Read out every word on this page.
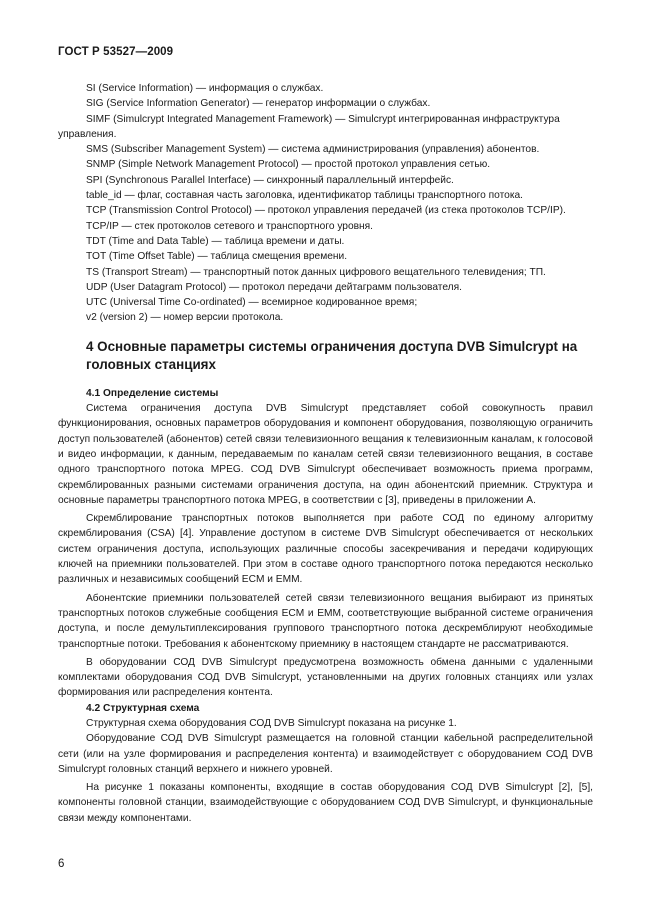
ГОСТ Р 53527—2009

SI (Service Information) — информация о службах.

SIG (Service Information Generator) — генератор информации о службах.

SIMF (Simulcrypt Integrated Management Framework) — Simulcrypt интегрированная инфраструктура управления.

SMS (Subscriber Management System) — система администрирования (управления) абонентов.

SNMP (Simple Network Management Protocol) — простой протокол управления сетью.

SPI (Synchronous Parallel Interface) — синхронный параллельный интерфейс.

table_id — флаг, составная часть заголовка, идентификатор таблицы транспортного потока.

TCP (Transmission Control Protocol) — протокол управления передачей (из стека протоколов TCP/IP).

TCP/IP — стек протоколов сетевого и транспортного уровня.

TDT (Time and Data Table) — таблица времени и даты.

TOT (Time Offset Table) — таблица смещения времени.

TS (Transport Stream) — транспортный поток данных цифрового вещательного телевидения; ТП.

UDP (User Datagram Protocol) — протокол передачи дейтаграмм пользователя.

UTC (Universal Time Co-ordinated) — всемирное кодированное время;

v2 (version 2) — номер версии протокола.

4 Основные параметры системы ограничения доступа DVB Simulcrypt на головных станциях
4.1 Определение системы

Система ограничения доступа DVB Simulcrypt представляет собой совокупность правил функционирования, основных параметров оборудования и компонент оборудования, позволяющую ограничить доступ пользователей (абонентов) сетей связи телевизионного вещания к телевизионным каналам, к голосовой и видео информации, к данным, передаваемым по каналам сетей связи телевизионного вещания, в составе одного транспортного потока MPEG. СОД DVB Simulcrypt обеспечивает возможность приема программ, скремблированных разными системами ограничения доступа, на один абонентский приемник. Структура и основные параметры транспортного потока MPEG, в соответствии с [3], приведены в приложении А.

Скремблирование транспортных потоков выполняется при работе СОД по единому алгоритму скремблирования (CSA) [4]. Управление доступом в системе DVB Simulcrypt обеспечивается от нескольких систем ограничения доступа, использующих различные способы засекречивания и передачи кодирующих ключей на приемники пользователей. При этом в составе одного транспортного потока передаются несколько различных и независимых сообщений ECM и EMM.

Абонентские приемники пользователей сетей связи телевизионного вещания выбирают из принятых транспортных потоков служебные сообщения ECM и EMM, соответствующие выбранной системе ограничения доступа, и после демультиплексирования группового транспортного потока дескремблируют необходимые транспортные потоки. Требования к абонентскому приемнику в настоящем стандарте не рассматриваются.

В оборудовании СОД DVB Simulcrypt предусмотрена возможность обмена данными с удаленными комплектами оборудования СОД DVB Simulcrypt, установленными на других головных станциях или узлах формирования или распределения контента.

4.2 Структурная схема

Структурная схема оборудования СОД DVB Simulcrypt показана на рисунке 1.

Оборудование СОД DVB Simulcrypt размещается на головной станции кабельной распределительной сети (или на узле формирования и распределения контента) и взаимодействует с оборудованием СОД DVB Simulcrypt головных станций верхнего и нижнего уровней.

На рисунке 1 показаны компоненты, входящие в состав оборудования СОД DVB Simulcrypt [2], [5], компоненты головной станции, взаимодействующие с оборудованием СОД DVB Simulcrypt, и функциональные связи между компонентами.

6
